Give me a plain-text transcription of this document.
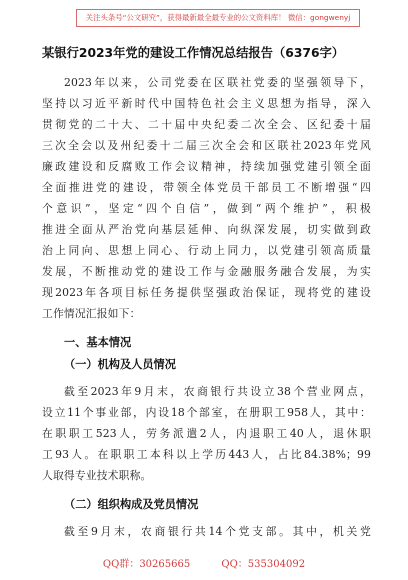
关注头条号“公文研究”，获得最新最全最专业的公文资料库！ 微信：gongwenyj
某银行2023年党的建设工作情况总结报告（6376字）
2023年以来，公司党委在区联社党委的坚强领导下，
坚持以习近平新时代中国特色社会主义思想为指导，深入
贯彻党的二十大、二十届中央纪委二次全会、区纪委十届
三次全会以及州纪委十二届三次全会和区联社2023年党风
廉政建设和反腐败工作会议精神，持续加强党建引领全面
全面推进党的建设，带领全体党员干部员工不断增强“四
个意识”，坚定“四个自信”，做到“两个维护”，积极
推进全面从严治党向基层延伸、向纵深发展，切实做到政
治上同向、思想上同心、行动上同力，以党建引领高质量
发展，不断推动党的建设工作与金融服务融合发展，为实
现2023年各项目标任务提供坚强政治保证，现将党的建设
工作情况汇报如下：
一、基本情况
（一）机构及人员情况
截至2023年9月末，农商银行共设立38个营业网点，
设立11个事业部，内设18个部室，在册职工958人，其中：
在职职工523人，劳务派遣2人，内退职工40人，退休职
工93人。在职职工本科以上学历443人，占比84.38%；99
人取得专业技术职称。
（二）组织构成及党员情况
截至9月末，农商银行共14个党支部。其中，机关党
QQ群：30265665	QQ：535304092
